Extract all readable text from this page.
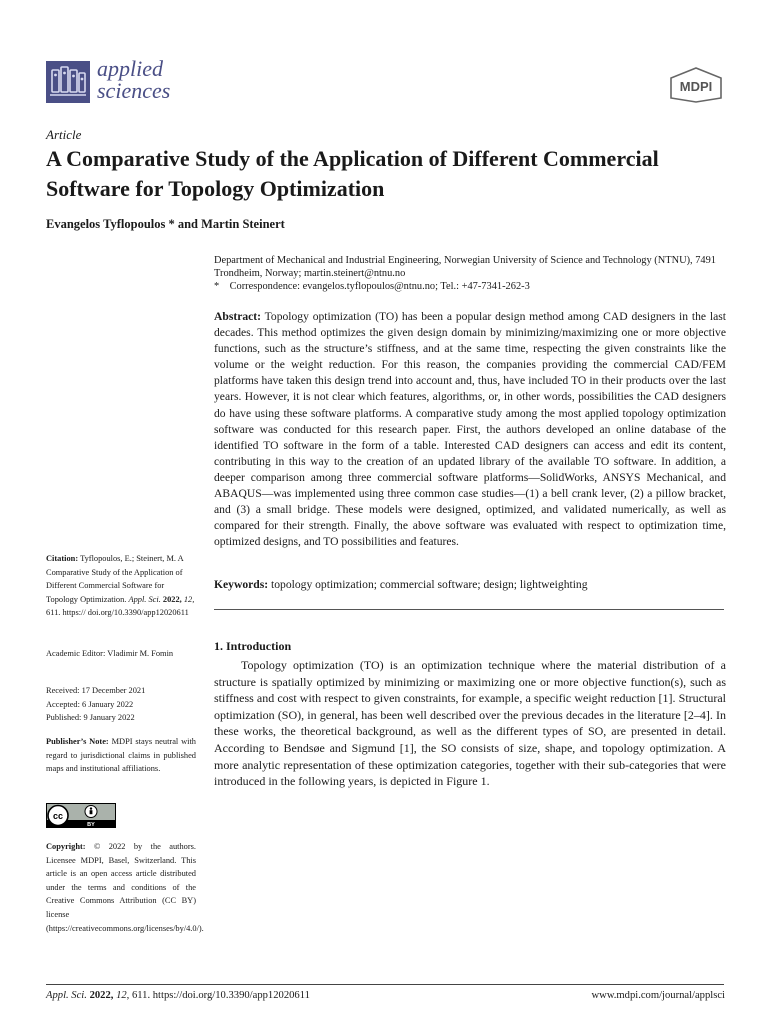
applied
sciences	MDPI
Article
A Comparative Study of the Application of Different Commercial Software for Topology Optimization
Evangelos Tyflopoulos * and Martin Steinert
Department of Mechanical and Industrial Engineering, Norwegian University of Science and Technology (NTNU), 7491 Trondheim, Norway; martin.steinert@ntnu.no
* Correspondence: evangelos.tyflopoulos@ntnu.no; Tel.: +47-7341-262-3
Abstract: Topology optimization (TO) has been a popular design method among CAD designers in the last decades. This method optimizes the given design domain by minimizing/maximizing one or more objective functions, such as the structure’s stiffness, and at the same time, respecting the given constraints like the volume or the weight reduction. For this reason, the companies providing the commercial CAD/FEM platforms have taken this design trend into account and, thus, have included TO in their products over the last years. However, it is not clear which features, algorithms, or, in other words, possibilities the CAD designers do have using these software platforms. A comparative study among the most applied topology optimization software was conducted for this research paper. First, the authors developed an online database of the identified TO software in the form of a table. Interested CAD designers can access and edit its content, contributing in this way to the creation of an updated library of the available TO software. In addition, a deeper comparison among three commercial software platforms—SolidWorks, ANSYS Mechanical, and ABAQUS—was implemented using three common case studies—(1) a bell crank lever, (2) a pillow bracket, and (3) a small bridge. These models were designed, optimized, and validated numerically, as well as compared for their strength. Finally, the above software was evaluated with respect to optimization time, optimized designs, and TO possibilities and features.
Keywords: topology optimization; commercial software; design; lightweighting
1. Introduction
Topology optimization (TO) is an optimization technique where the material distribution of a structure is spatially optimized by minimizing or maximizing one or more objective function(s), such as stiffness and cost with respect to given constraints, for example, a specific weight reduction [1]. Structural optimization (SO), in general, has been well described over the previous decades in the literature [2–4]. In these works, the theoretical background, as well as the different types of SO, are presented in detail. According to Bendsøe and Sigmund [1], the SO consists of size, shape, and topology optimization. A more analytic representation of these optimization categories, together with their sub-categories that were introduced in the following years, is depicted in Figure 1.
Citation: Tyflopoulos, E.; Steinert, M. A Comparative Study of the Application of Different Commercial Software for Topology Optimization. Appl. Sci. 2022, 12, 611. https:// doi.org/10.3390/app12020611
Academic Editor: Vladimir M. Fomin
Received: 17 December 2021
Accepted: 6 January 2022
Published: 9 January 2022
Publisher’s Note: MDPI stays neutral with regard to jurisdictional claims in published maps and institutional affiliations.
cc
BY
Copyright: © 2022 by the authors. Licensee MDPI, Basel, Switzerland. This article is an open access article distributed under the terms and conditions of the Creative Commons Attribution (CC BY) license (https://creativecommons.org/licenses/by/4.0/).
Appl. Sci. 2022, 12, 611. https://doi.org/10.3390/app12020611	www.mdpi.com/journal/applsci
